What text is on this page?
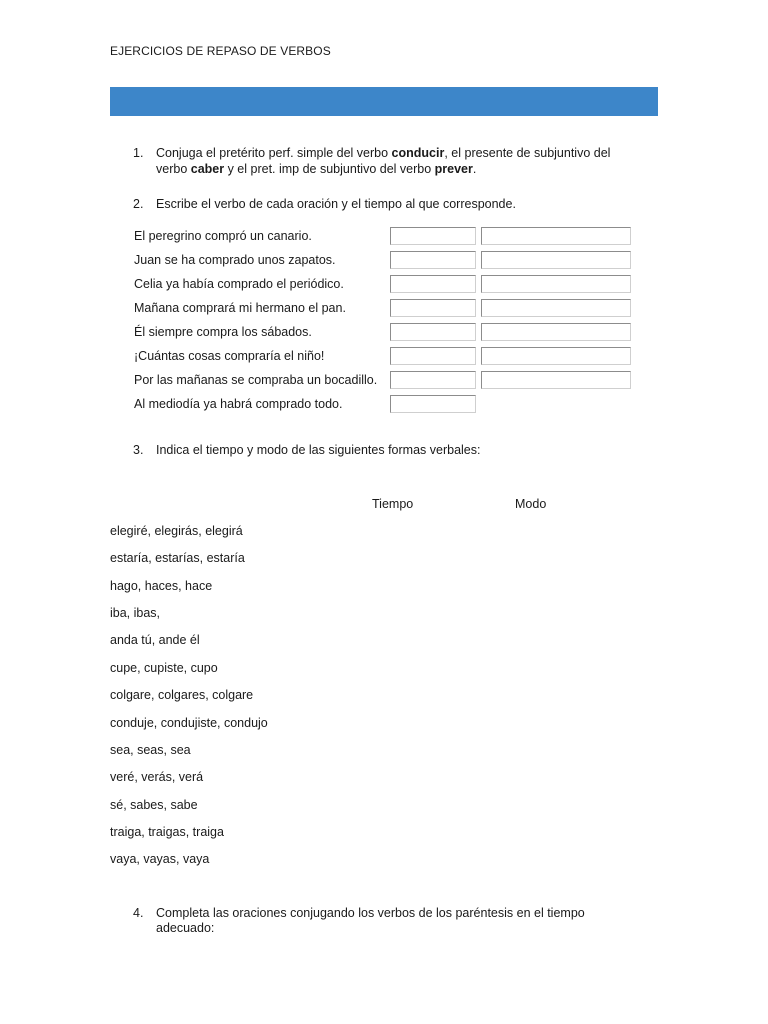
EJERCICIOS DE REPASO DE VERBOS
1. Conjuga el pretérito perf. simple del verbo conducir, el presente de subjuntivo del verbo caber y el pret. imp de subjuntivo del verbo prever.
2. Escribe el verbo de cada oración y el tiempo al que corresponde.
El peregrino compró un canario.
Juan se ha comprado unos zapatos.
Celia ya había comprado el periódico.
Mañana comprará mi hermano el pan.
Él siempre compra los sábados.
¡Cuántas cosas compraría el niño!
Por las mañanas se compraba un bocadillo.
Al mediodía ya habrá comprado todo.
3. Indica el tiempo y modo de las siguientes formas verbales:
Tiempo	Modo
elegiré, elegirás, elegirá
estaría, estarías, estaría
hago, haces, hace
iba, ibas,
anda tú, ande él
cupe, cupiste, cupo
colgare, colgares, colgare
conduje, condujiste, condujo
sea, seas, sea
veré, verás, verá
sé, sabes, sabe
traiga, traigas, traiga
vaya, vayas, vaya
4. Completa las oraciones conjugando los verbos de los paréntesis en el tiempo adecuado:
